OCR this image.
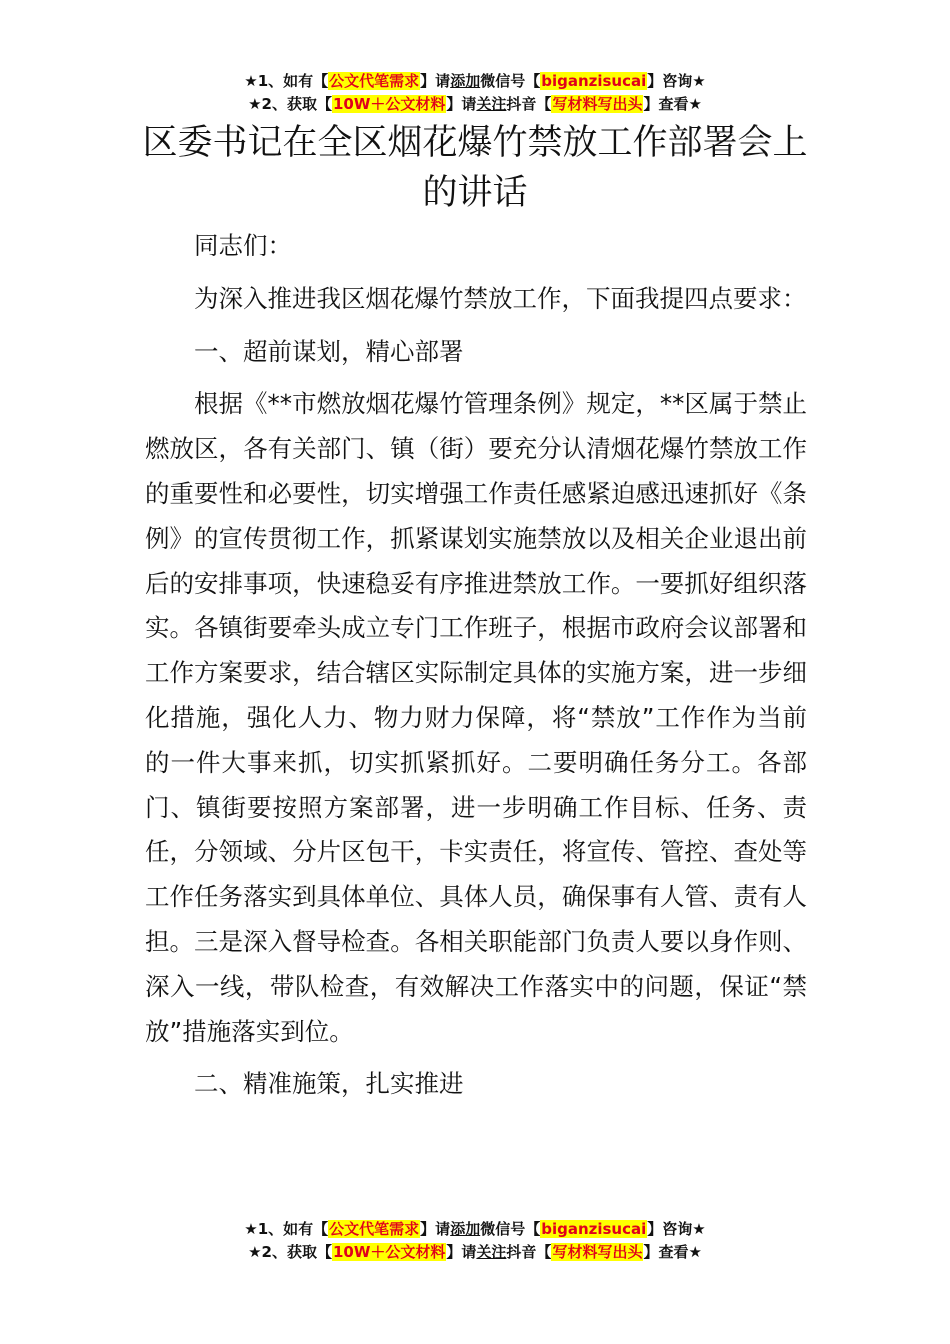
★1、如有【公文代笔需求】请添加微信号【biganzisucai】咨询★
★2、获取【10W＋公文材料】请关注抖音【写材料写出头】查看★
区委书记在全区烟花爆竹禁放工作部署会上的讲话

同志们：

为深入推进我区烟花爆竹禁放工作，下面我提四点要求：

一、超前谋划，精心部署

根据《**市燃放烟花爆竹管理条例》规定，**区属于禁止燃放区，各有关部门、镇（街）要充分认清烟花爆竹禁放工作的重要性和必要性，切实增强工作责任感紧迫感迅速抓好《条例》的宣传贯彻工作，抓紧谋划实施禁放以及相关企业退出前后的安排事项，快速稳妥有序推进禁放工作。一要抓好组织落实。各镇街要牵头成立专门工作班子，根据市政府会议部署和工作方案要求，结合辖区实际制定具体的实施方案，进一步细化措施，强化人力、物力财力保障，将“禁放”工作作为当前的一件大事来抓，切实抓紧抓好。二要明确任务分工。各部门、镇街要按照方案部署，进一步明确工作目标、任务、责任，分领域、分片区包干，卡实责任，将宣传、管控、查处等工作任务落实到具体单位、具体人员，确保事有人管、责有人担。三是深入督导检查。各相关职能部门负责人要以身作则、深入一线，带队检查，有效解决工作落实中的问题，保证“禁放”措施落实到位。

二、精准施策，扎实推进

★1、如有【公文代笔需求】请添加微信号【biganzisucai】咨询★
★2、获取【10W＋公文材料】请关注抖音【写材料写出头】查看★
